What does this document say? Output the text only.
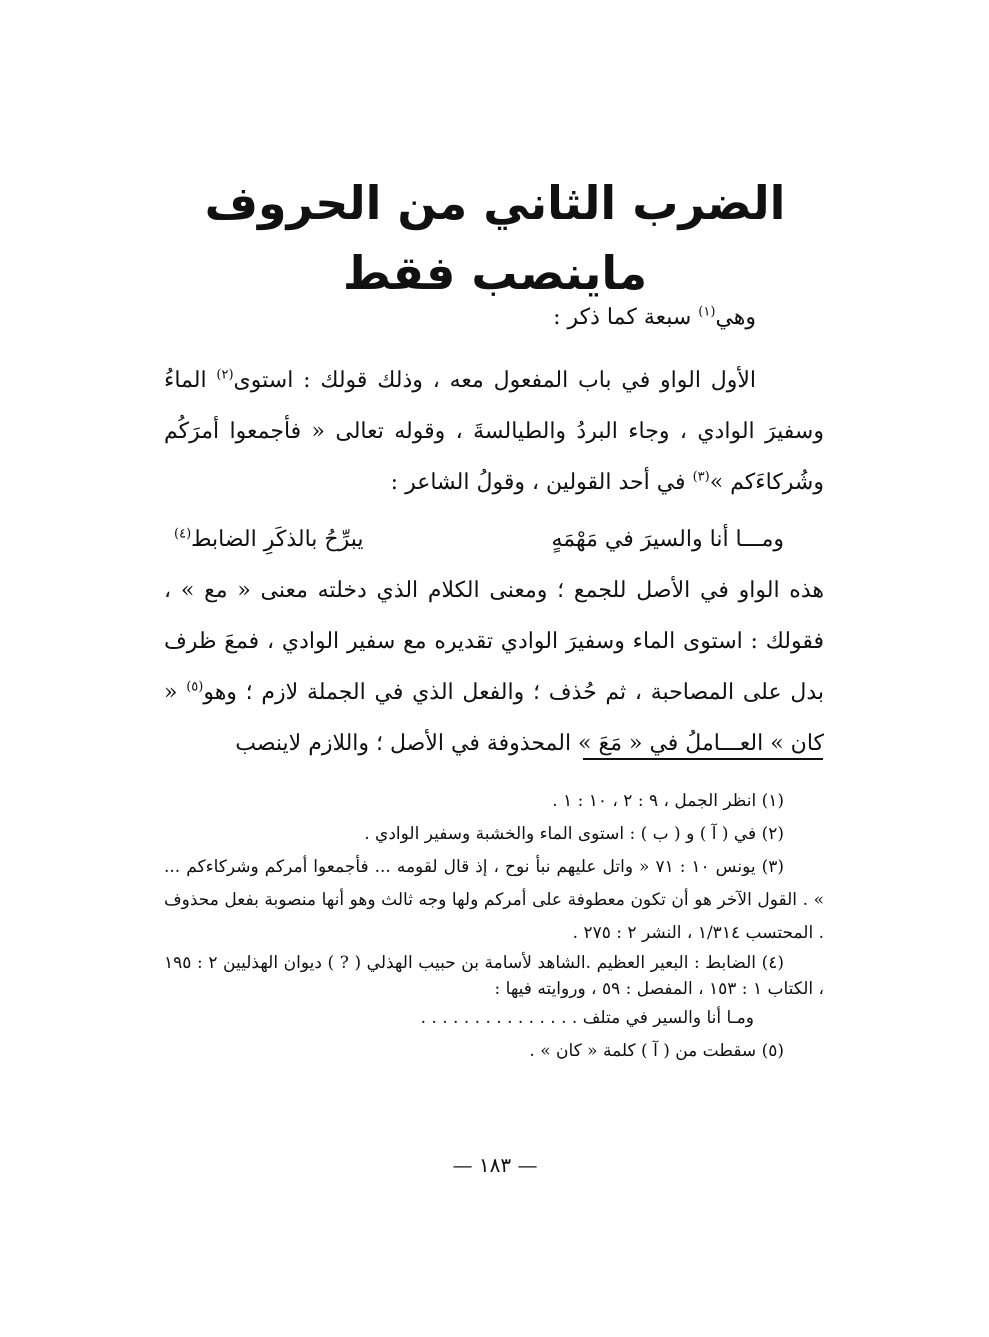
الضرب الثاني من الحروف ماينصب فقط

وهي$^{(١)}$ سبعة كما ذكر :

الأول الواو في باب المفعول معه ، وذلك قولك : استوى$^{(٢)}$ الماءُ وسفيرَ الوادي ، وجاء البردُ والطيالسةَ ، وقوله تعالى « فأجمعوا أمرَكُم وشُركاءَكم »$^{(٣)}$ في أحد القولين ، وقولُ الشاعر :

ومـــا أنا والسيرَ في مَهْمَهٍ
يبرِّحُ بالذكَرِ الضابط$^{(٤)}$

هذه الواو في الأصل للجمع ؛ ومعنى الكلام الذي دخلته معنى « مع » ، فقولك : استوى الماء وسفيرَ الوادي تقديره مع سفير الوادي ، فمعَ ظرف بدل على المصاحبة ، ثم حُذف ؛ والفعل الذي في الجملة لازم ؛ وهو$^{(٥)}$ « كان » العـــاملُ في « مَعَ » المحذوفة في الأصل ؛ واللازم لاينصب

(١) انظر الجمل ، ٩ : ٢ ، ١٠ : ١ .

(٢) في ( آ ) و ( ب ) : استوى الماء والخشبة وسفير الوادي .

(٣) يونس ١٠ : ٧١ « واتل عليهم نبأ نوح ، إذ قال لقومه ... فأجمعوا أمركم وشركاءكم ... » . القول الآخر هو أن تكون معطوفة على أمركم ولها وجه ثالث وهو أنها منصوبة بفعل محذوف . المحتسب ١/٣١٤ ، النشر ٢ : ٢٧٥ .

(٤) الضابط : البعير العظيم .الشاهد لأسامة بن حبيب الهذلي ( ? ) ديوان الهذليين ٢ : ١٩٥ ، الكتاب ١ : ١٥٣ ، المفصل : ٥٩ ، وروايته فيها :

ومـا أنا والسير في متلف . . . . . . . . . . . . . . .

(٥) سقطت من ( آ ) كلمة « كان » .

— ١٨٣ —
